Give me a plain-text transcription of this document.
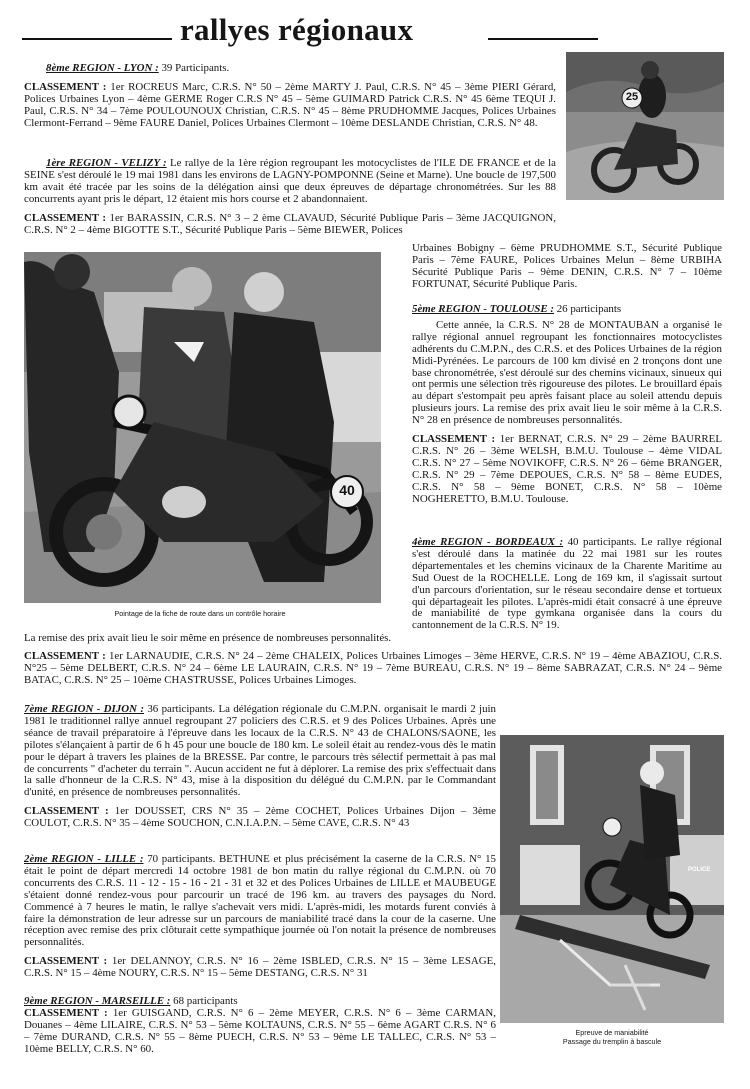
rallyes régionaux
25

8ème REGION - LYON : 39 Participants.

CLASSEMENT : 1er ROCREUS Marc, C.R.S. N° 50 – 2ème MARTY J. Paul, C.R.S. N° 45 – 3ème PIERI Gérard, Polices Urbaines Lyon – 4ème GERME Roger C.R.S N° 45 – 5ème GUIMARD Patrick C.R.S. N° 45 6ème TEQUI J. Paul, C.R.S. N° 34 – 7ème POULOUNOUX Christian, C.R.S. N° 45 – 8ème PRUDHOMME Jacques, Polices Urbaines Clermont-Ferrand – 9ème FAURE Daniel, Polices Urbaines Clermont – 10ème DESLANDE Christian, C.R.S. N° 48.

1ère REGION - VELIZY : Le rallye de la 1ère région regroupant les motocyclistes de l'ILE DE FRANCE et de la SEINE s'est déroulé le 19 mai 1981 dans les environs de LAGNY-POMPONNE (Seine et Marne). Une boucle de 197,500 km avait été tracée par les soins de la délégation ainsi que deux épreuves de départage chronométrées. Sur les 88 concurrents ayant pris le départ, 12 étaient mis hors course et 2 abandonnaient.

CLASSEMENT : 1er BARASSIN, C.R.S. N° 3 – 2 ème CLAVAUD, Sécurité Publique Paris – 3ème JACQUIGNON, C.R.S. N° 2 – 4ème BIGOTTE S.T., Sécurité Publique Paris – 5ème BIEWER, Polices

40
Pointage de la fiche de route dans un contrôle horaire

Urbaines Bobigny – 6ème PRUDHOMME S.T., Sécurité Publique Paris – 7ème FAURE, Polices Urbaines Melun – 8ème URBIHA Sécurité Publique Paris – 9ème DENIN, C.R.S. N° 7 – 10ème FORTUNAT, Sécurité Publique Paris.

5ème REGION - TOULOUSE : 26 participants

Cette année, la C.R.S. N° 28 de MONTAUBAN a organisé le rallye régional annuel regroupant les fonctionnaires motocyclistes adhérents du C.M.P.N., des C.R.S. et des Polices Urbaines de la région Midi-Pyrénées. Le parcours de 100 km divisé en 2 tronçons dont une base chronométrée, s'est déroulé sur des chemins vicinaux, sinueux qui ont permis une sélection très rigoureuse des pilotes. Le brouillard épais au départ s'estompait peu après faisant place au soleil attendu depuis plusieurs jours. La remise des prix avait lieu le soir même à la C.R.S. N° 28 en présence de nombreuses personnalités.

CLASSEMENT : 1er BERNAT, C.R.S. N° 29 – 2ème BAURREL C.R.S. N° 26 – 3ème WELSH, B.M.U. Toulouse – 4ème VIDAL C.R.S. N° 27 – 5ème NOVIKOFF, C.R.S. N° 26 – 6ème BRANGER, C.R.S. N° 29 – 7ème DEPOUES, C.R.S. N° 58 – 8ème EUDES, C.R.S. N° 58 – 9ème BONET, C.R.S. N° 58 – 10ème NOGHERETTO, B.M.U. Toulouse.

4ème REGION - BORDEAUX : 40 participants. Le rallye régional s'est déroulé dans la matinée du 22 mai 1981 sur les routes départementales et les chemins vicinaux de la Charente Maritime au Sud Ouest de la ROCHELLE. Long de 169 km, il s'agissait surtout d'un parcours d'orientation, sur le réseau secondaire dense et tortueux qui départageait les pilotes. L'après-midi était consacré à une épreuve de maniabilité de type gymkana organisée dans la cours du cantonnement de la C.R.S. N° 19.

La remise des prix avait lieu le soir même en présence de nombreuses personnalités.

CLASSEMENT : 1er LARNAUDIE, C.R.S. N° 24 – 2ème CHALEIX, Polices Urbaines Limoges – 3ème HERVE, C.R.S. N° 19 – 4ème ABAZIOU, C.R.S. N°25 – 5ème DELBERT, C.R.S. N° 24 – 6ème LE LAURAIN, C.R.S. N° 19 – 7ème BUREAU, C.R.S. N° 19 – 8ème SABRAZAT, C.R.S. N° 24 – 9ème BATAC, C.R.S. N° 25 – 10ème CHASTRUSSE, Polices Urbaines Limoges.

7ème REGION - DIJON : 36 participants. La délégation régionale du C.M.P.N. organisait le mardi 2 juin 1981 le traditionnel rallye annuel regroupant 27 policiers des C.R.S. et 9 des Polices Urbaines. Après une séance de travail préparatoire à l'épreuve dans les locaux de la C.R.S. N° 43 de CHALONS/SAONE, les pilotes s'élançaient à partir de 6 h 45 pour une boucle de 180 km. Le soleil était au rendez-vous dès le matin pour le départ à travers les plaines de la BRESSE. Par contre, le parcours très sélectif permettait à pas mal de concurrents " d'acheter du terrain ". Aucun accident ne fut à déplorer. La remise des prix s'effectuait dans la salle d'honneur de la C.R.S. N° 43, mise à la disposition du délégué du C.M.P.N. par le Commandant d'unité, en présence de nombreuses personnalités.

CLASSEMENT : 1er DOUSSET, CRS N° 35 – 2ème COCHET, Polices Urbaines Dijon – 3ème COULOT, C.R.S. N° 35 – 4ème SOUCHON, C.N.I.A.P.N. – 5ème CAVE, C.R.S. N° 43

POLICE
Epreuve de maniabilité
Passage du tremplin à bascule

2ème REGION - LILLE : 70 participants. BETHUNE et plus précisément la caserne de la C.R.S. N° 15 était le point de départ mercredi 14 octobre 1981 de bon matin du rallye régional du C.M.P.N. où 70 concurrents des C.R.S. 11 - 12 - 15 - 16 - 21 - 31 et 32 et des Polices Urbaines de LILLE et MAUBEUGE s'étaient donné rendez-vous pour parcourir un tracé de 196 km. au travers des paysages du Nord. Commencé à 7 heures le matin, le rallye s'achevait vers midi. L'après-midi, les motards furent conviés à faire la démonstration de leur adresse sur un parcours de maniabilité tracé dans la cour de la caserne. Une réception avec remise des prix clôturait cette sympathique journée où l'on notait la présence de nombreuses personnalités.

CLASSEMENT : 1er DELANNOY, C.R.S. N° 16 – 2ème ISBLED, C.R.S. N° 15 – 3ème LESAGE, C.R.S. N° 15 – 4ème NOURY, C.R.S. N° 15 – 5ème DESTANG, C.R.S. N° 31

9ème REGION - MARSEILLE : 68 participants

CLASSEMENT : 1er GUISGAND, C.R.S. N° 6 – 2ème MEYER, C.R.S. N° 6 – 3ème CARMAN, Douanes – 4ème LILAIRE, C.R.S. N° 53 – 5ème KOLTAUNS, C.R.S. N° 55 – 6ème AGART C.R.S. N° 6 – 7ème DURAND, C.R.S. N° 55 – 8ème PUECH, C.R.S. N° 53 – 9ème LE TALLEC, C.R.S. N° 53 – 10ème BELLY, C.R.S. N° 60.
